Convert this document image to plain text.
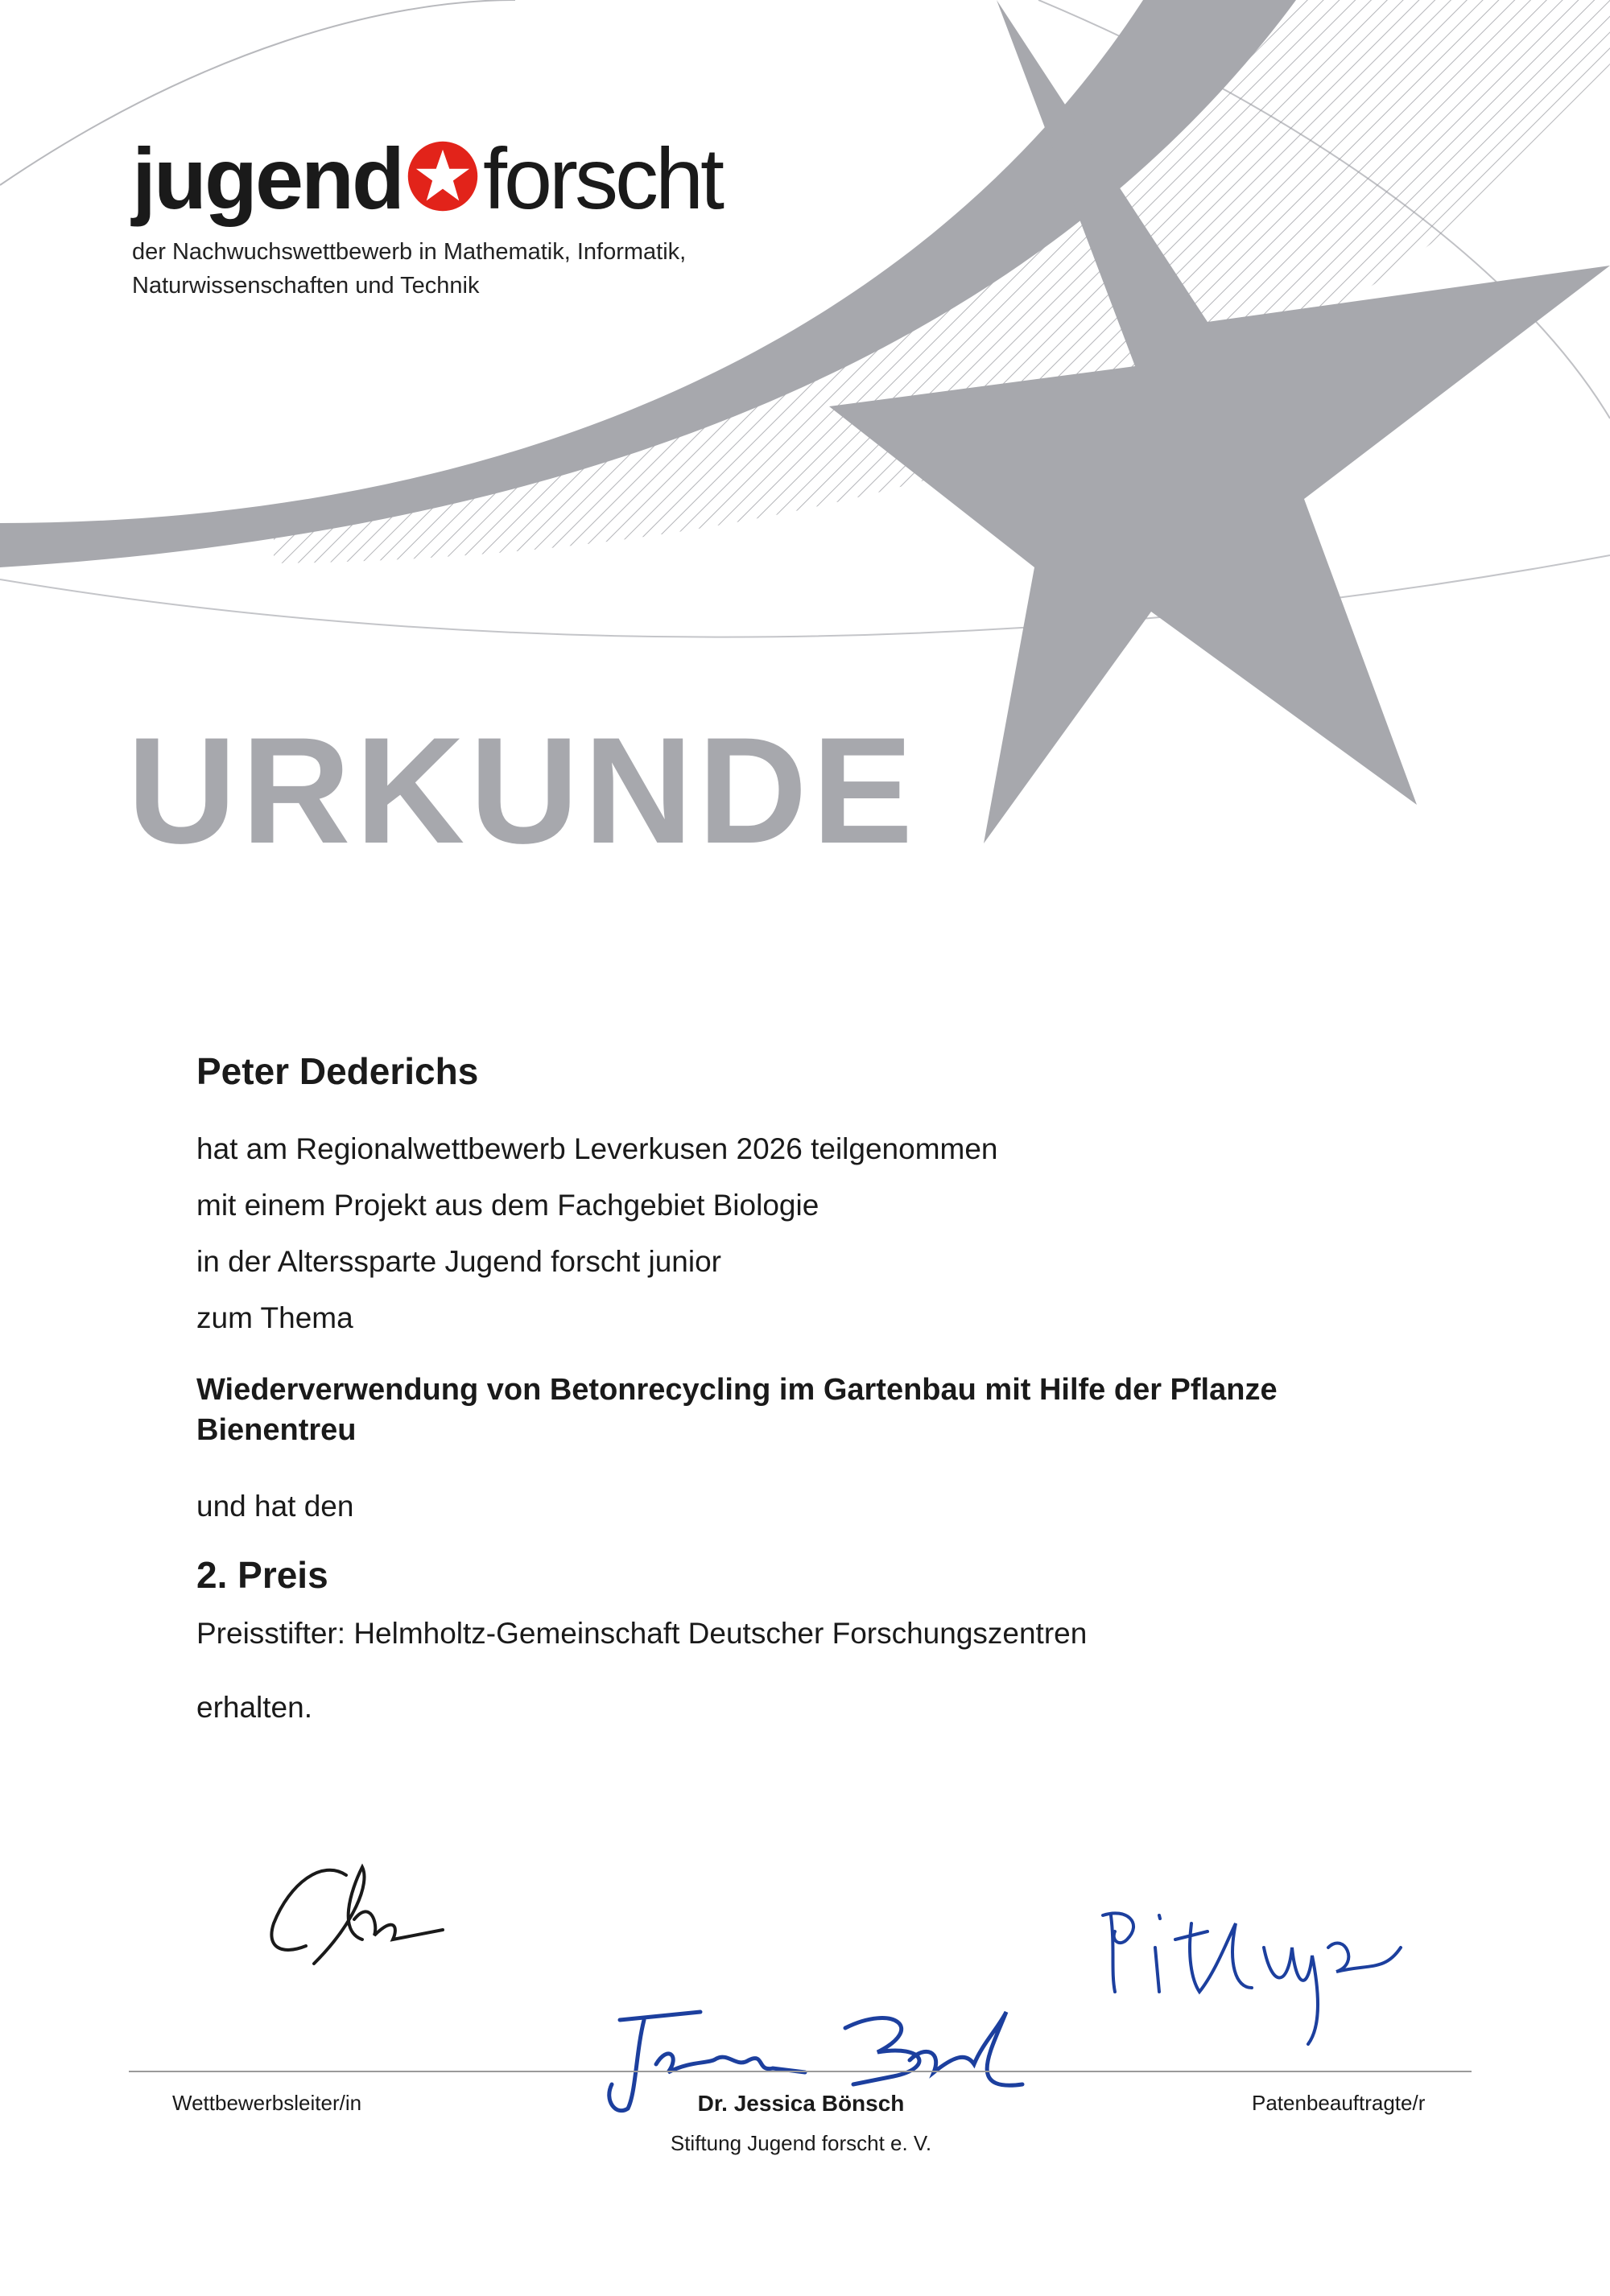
jugend forscht
der Nachwuchswettbewerb in Mathematik, Informatik,
Naturwissenschaften und Technik
URKUNDE
Peter Dederichs
hat am Regionalwettbewerb Leverkusen 2026 teilgenommen
mit einem Projekt aus dem Fachgebiet Biologie
in der Alterssparte Jugend forscht junior
zum Thema
Wiederverwendung von Betonrecycling im Gartenbau mit Hilfe der Pflanze Bienentreu
und hat den
2. Preis
Preisstifter: Helmholtz-Gemeinschaft Deutscher Forschungszentren
erhalten.
Wettbewerbsleiter/in	Dr. Jessica Bönsch
Stiftung Jugend forscht e. V.
Patenbeauftragte/r
